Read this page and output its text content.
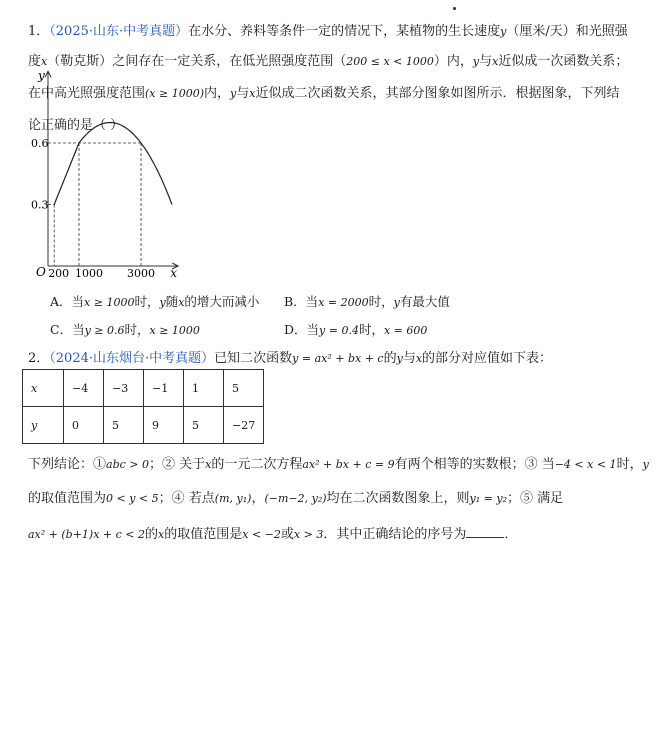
1．（2025·山东·中考真题）在水分、养料等条件一定的情况下，某植物的生长速度y（厘米/天）和光照强
度x（勒克斯）之间存在一定关系，在低光照强度范围（200 ≤ x < 1000）内，y与x近似成一次函数关系；
在中高光照强度范围(x ≥ 1000)内，y与x近似成二次函数关系，其部分图象如图所示．根据图象，下列结
论正确的是（ ）
x
y
O
0.3
0.6
200 1000 3000
A．当x ≥ 1000时，y随x的增大而减小 B．当x = 2000时，y有最大值
C．当y ≥ 0.6时，x ≥ 1000	D．当y = 0.4时，x = 600
2．（2024·山东烟台·中考真题）已知二次函数y = ax² + bx + c的y与x的部分对应值如下表：
x	−4	−3	−1	1	5
y	0	5	9	5	−27
下列结论：①abc > 0；② 关于x的一元二次方程ax² + bx + c = 9有两个相等的实数根；③ 当−4 < x < 1时，y
的取值范围为0 < y < 5；④ 若点(m, y₁)，(−m−2, y₂)均在二次函数图象上，则y₁ = y₂；⑤ 满足
ax² + (b+1)x + c < 2的x的取值范围是x < −2或x > 3．其中正确结论的序号为	．
